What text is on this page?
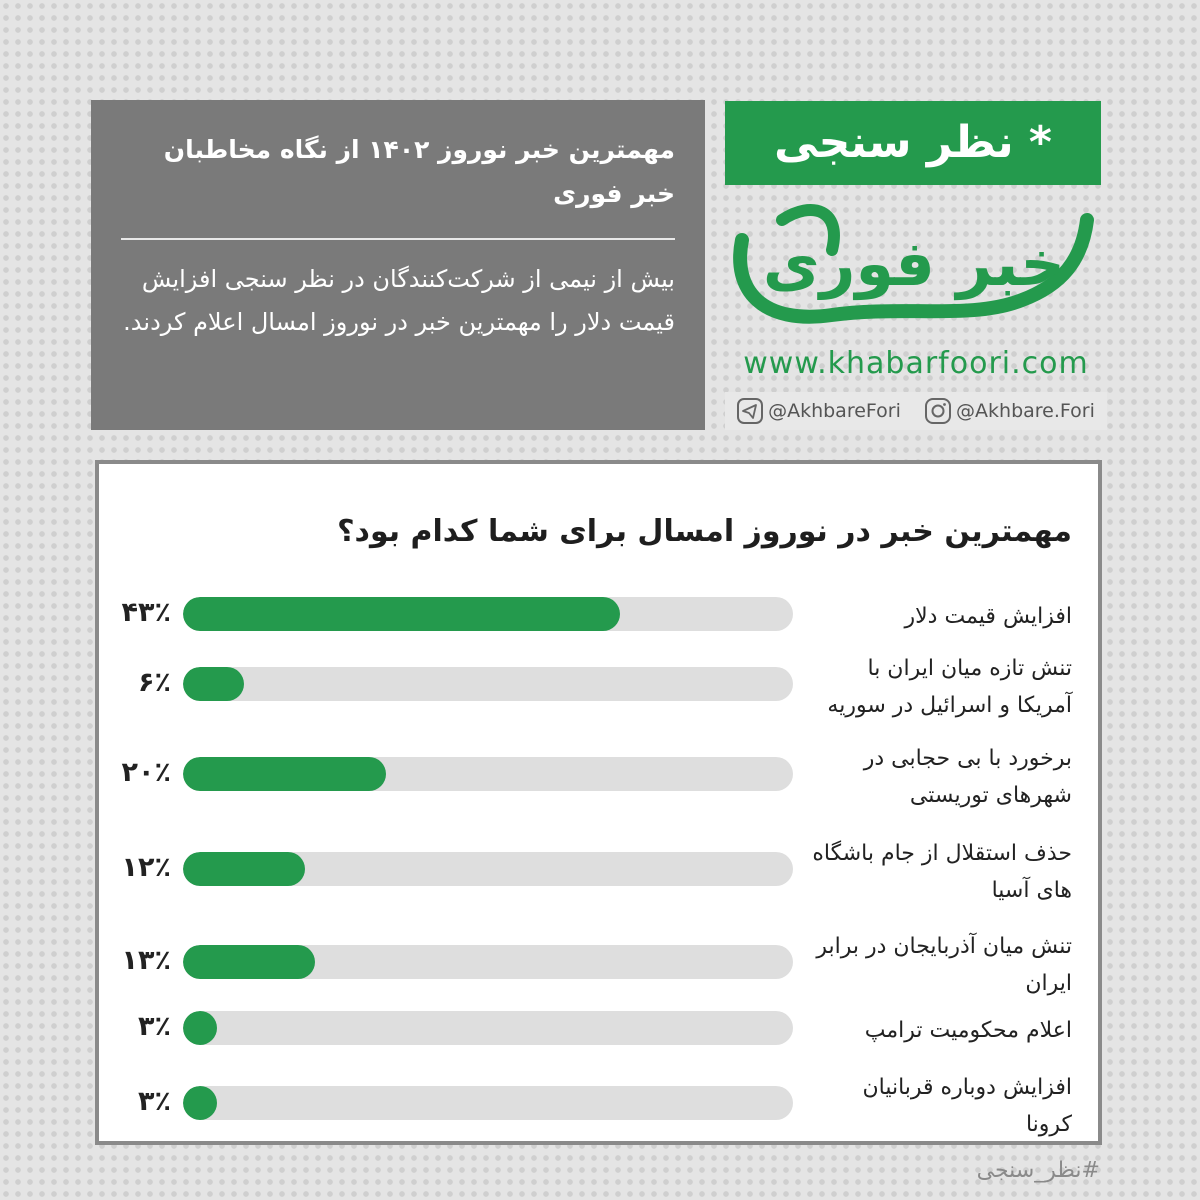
مهمترین خبر نوروز ۱۴۰۲ از نگاه مخاطبان خبر فوری
بیش از نیمی از شرکت‌کنندگان در نظر سنجی افزایش قیمت دلار را مهمترین خبر در نوروز امسال اعلام کردند.
* نظر سنجی
خبر فوری
www.khabarfoori.com
@AkhbareFori	@Akhbare.Fori
مهمترین خبر در نوروز امسال برای شما کدام بود؟
افزایش قیمت دلار
۴۳٪
تنش تازه میان ایران با آمریکا و اسرائیل در سوریه
۶٪
برخورد با بی حجابی در شهرهای توریستی
۲۰٪
حذف استقلال از جام باشگاه های آسیا
۱۲٪
تنش میان آذربایجان در برابر ایران
۱۳٪
اعلام محکومیت ترامپ
۳٪
افزایش دوباره قربانیان کرونا
۳٪
#نظر_سنجی
